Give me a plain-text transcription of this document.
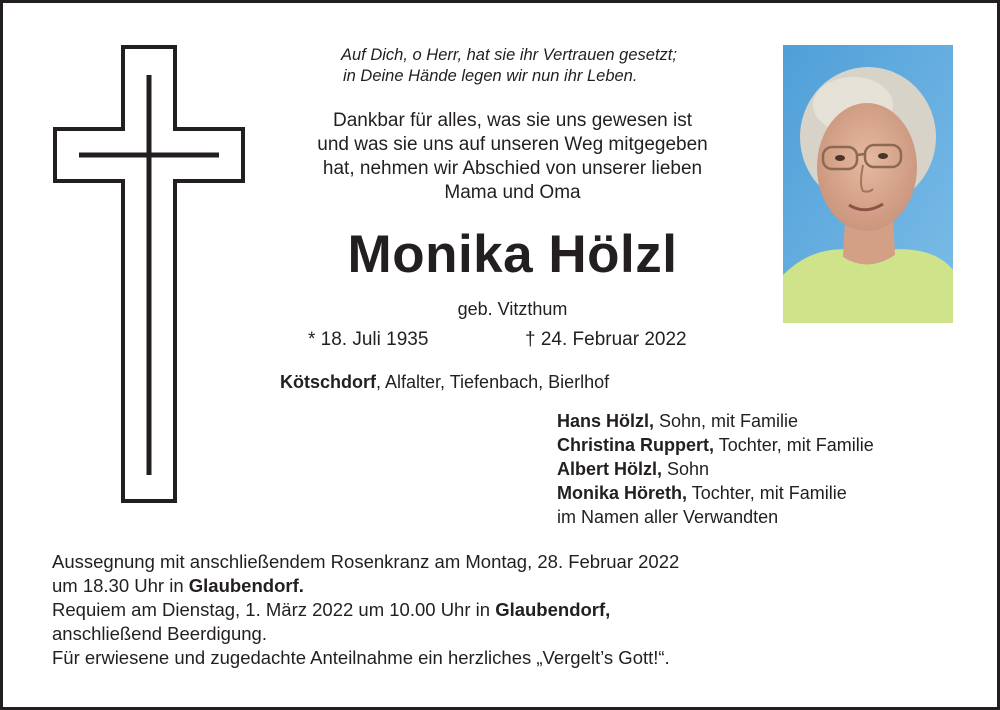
Auf Dich, o Herr, hat sie ihr Vertrauen gesetzt;
in Deine Hände legen wir nun ihr Leben.
Dankbar für alles, was sie uns gewesen ist
und was sie uns auf unseren Weg mitgegeben
hat, nehmen wir Abschied von unserer lieben
Mama und Oma
Monika Hölzl
geb. Vitzthum
* 18. Juli 1935	† 24. Februar 2022
Kötschdorf, Alfalter, Tiefenbach, Bierlhof
Hans Hölzl, Sohn, mit Familie
Christina Ruppert, Tochter, mit Familie
Albert Hölzl, Sohn
Monika Höreth, Tochter, mit Familie
im Namen aller Verwandten
Aussegnung mit anschließendem Rosenkranz am Montag, 28. Februar 2022
um 18.30 Uhr in Glaubendorf.
Requiem am Dienstag, 1. März 2022 um 10.00 Uhr in Glaubendorf,
anschließend Beerdigung.
Für erwiesene und zugedachte Anteilnahme ein herzliches „Vergelt’s Gott!“.
